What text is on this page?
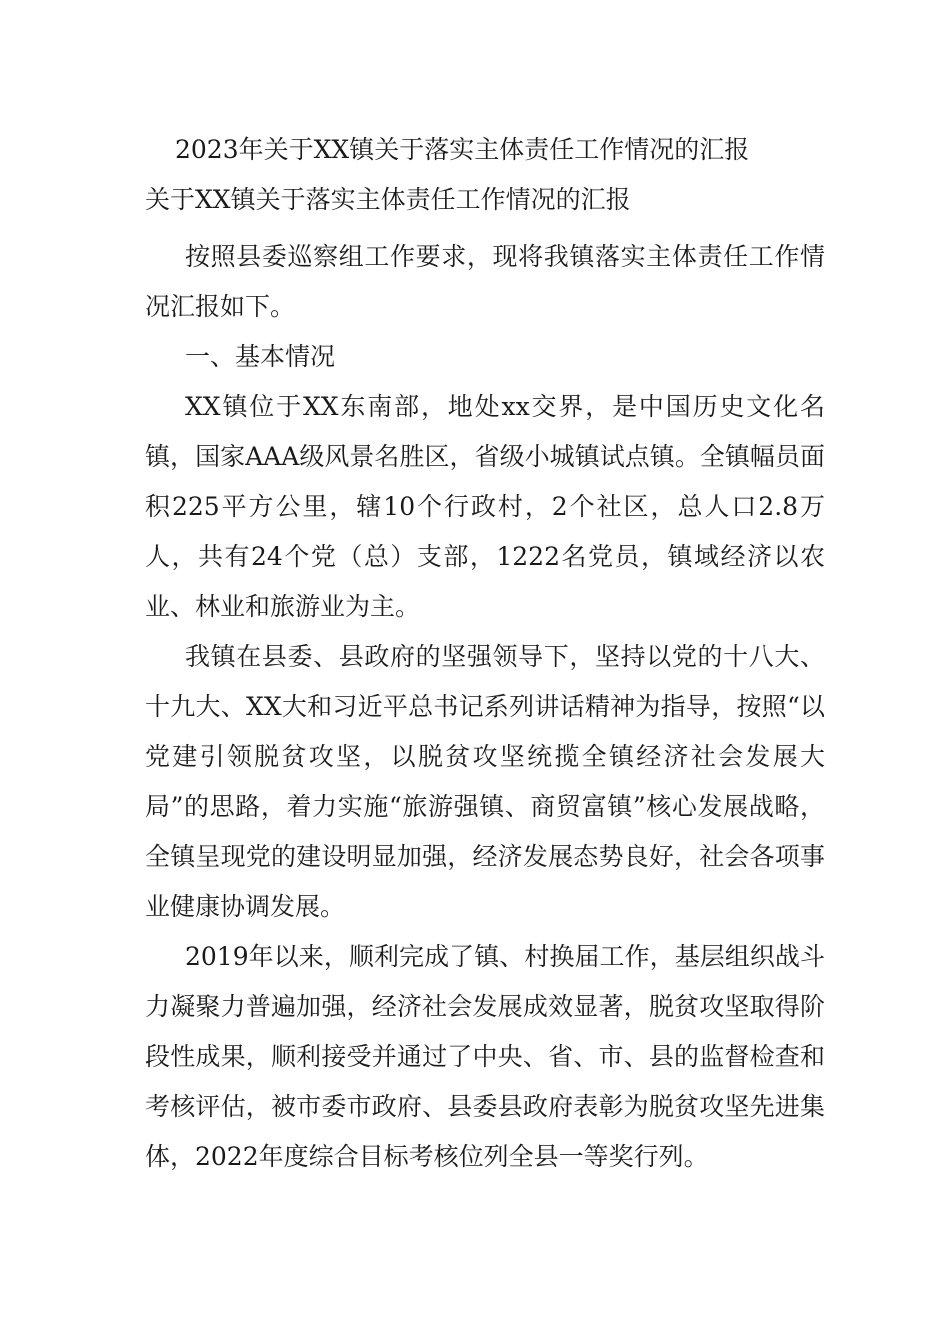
2023年关于XX镇关于落实主体责任工作情况的汇报
关于XX镇关于落实主体责任工作情况的汇报

按照县委巡察组工作要求，现将我镇落实主体责任工作情况汇报如下。

一、基本情况

XX镇位于XX东南部，地处xx交界，是中国历史文化名镇，国家AAA级风景名胜区，省级小城镇试点镇。全镇幅员面积225平方公里，辖10个行政村，2个社区，总人口2.8万人，共有24个党（总）支部，1222名党员，镇域经济以农业、林业和旅游业为主。

我镇在县委、县政府的坚强领导下，坚持以党的十八大、十九大、XX大和习近平总书记系列讲话精神为指导，按照“以党建引领脱贫攻坚，以脱贫攻坚统揽全镇经济社会发展大局”的思路，着力实施“旅游强镇、商贸富镇”核心发展战略，全镇呈现党的建设明显加强，经济发展态势良好，社会各项事业健康协调发展。

2019年以来，顺利完成了镇、村换届工作，基层组织战斗力凝聚力普遍加强，经济社会发展成效显著，脱贫攻坚取得阶段性成果，顺利接受并通过了中央、省、市、县的监督检查和考核评估，被市委市政府、县委县政府表彰为脱贫攻坚先进集体，2022年度综合目标考核位列全县一等奖行列。
